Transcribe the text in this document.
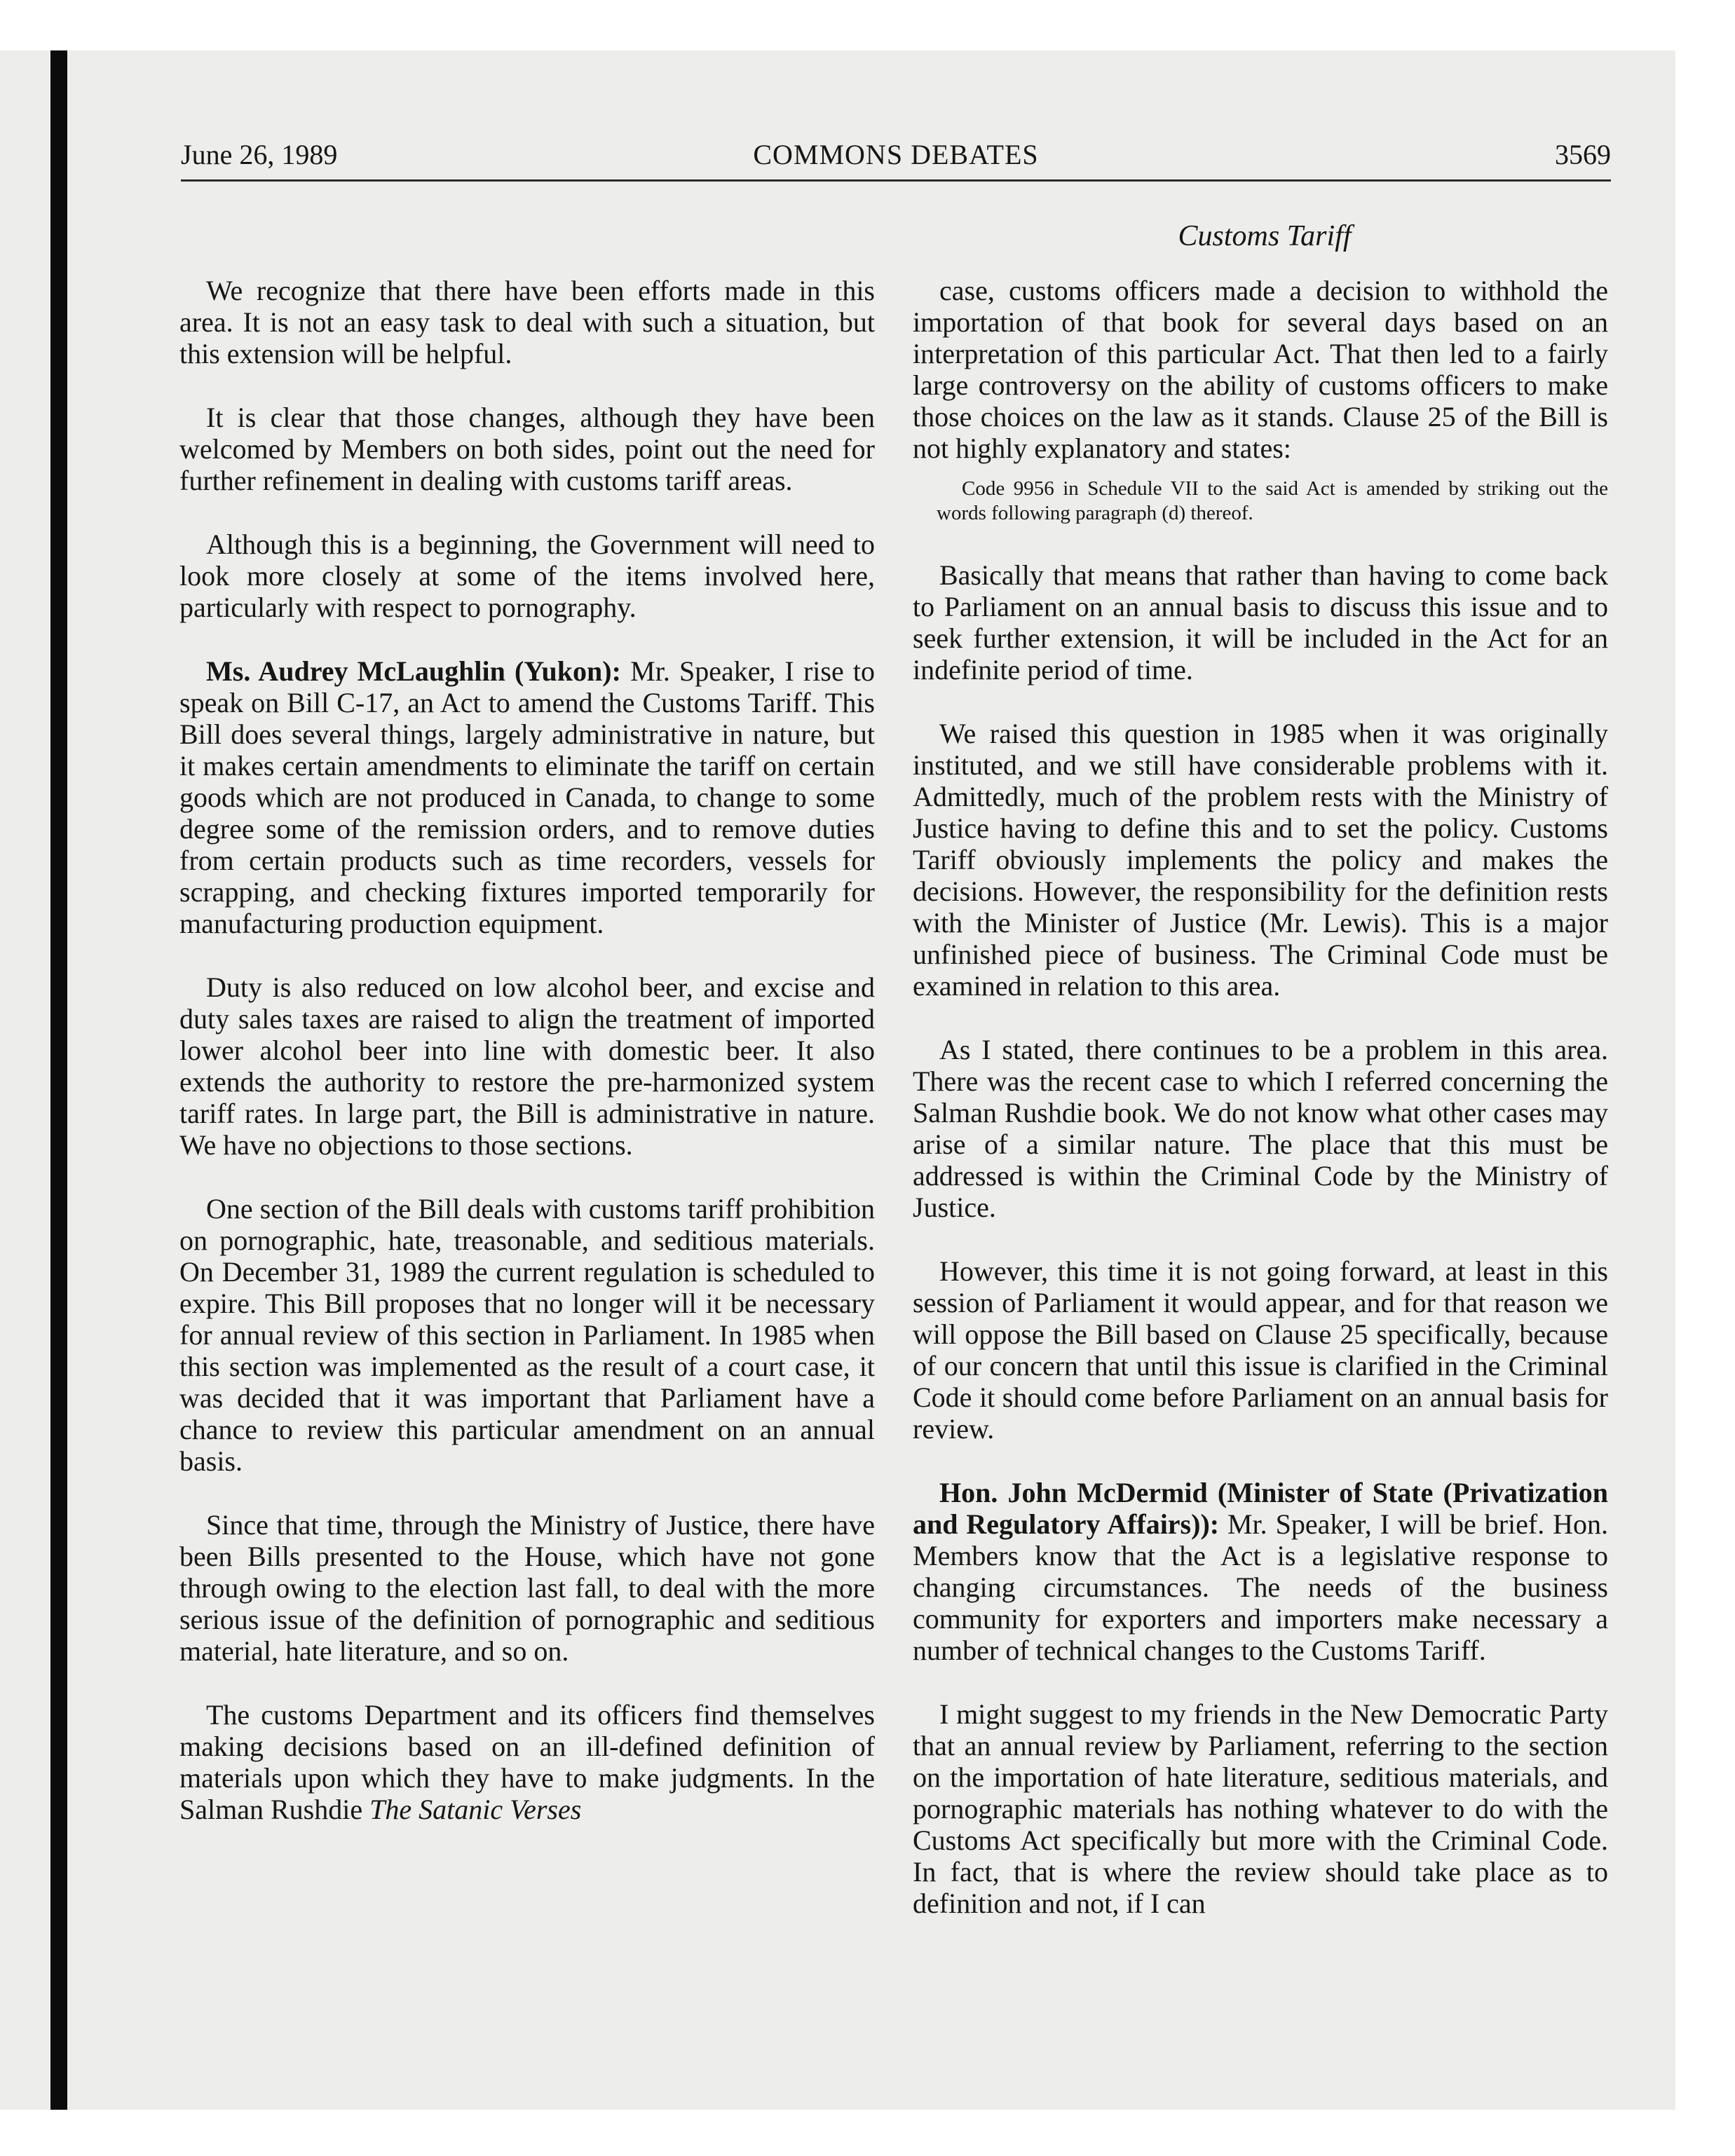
June 26, 1989	COMMONS DEBATES	3569
Customs Tariff

We recognize that there have been efforts made in this area. It is not an easy task to deal with such a situation, but this extension will be helpful.

It is clear that those changes, although they have been welcomed by Members on both sides, point out the need for further refinement in dealing with customs tariff areas.

Although this is a beginning, the Government will need to look more closely at some of the items involved here, particularly with respect to pornography.

Ms. Audrey McLaughlin (Yukon): Mr. Speaker, I rise to speak on Bill C-17, an Act to amend the Customs Tariff. This Bill does several things, largely administrative in nature, but it makes certain amendments to eliminate the tariff on certain goods which are not produced in Canada, to change to some degree some of the remission orders, and to remove duties from certain products such as time recorders, vessels for scrapping, and checking fixtures imported temporarily for manufacturing production equipment.

Duty is also reduced on low alcohol beer, and excise and duty sales taxes are raised to align the treatment of imported lower alcohol beer into line with domestic beer. It also extends the authority to restore the pre-harmonized system tariff rates. In large part, the Bill is administrative in nature. We have no objections to those sections.

One section of the Bill deals with customs tariff prohibition on pornographic, hate, treasonable, and seditious materials. On December 31, 1989 the current regulation is scheduled to expire. This Bill proposes that no longer will it be necessary for annual review of this section in Parliament. In 1985 when this section was implemented as the result of a court case, it was decided that it was important that Parliament have a chance to review this particular amendment on an annual basis.

Since that time, through the Ministry of Justice, there have been Bills presented to the House, which have not gone through owing to the election last fall, to deal with the more serious issue of the definition of pornographic and seditious material, hate literature, and so on.

The customs Department and its officers find themselves making decisions based on an ill-defined definition of materials upon which they have to make judgments. In the Salman Rushdie The Satanic Verses

case, customs officers made a decision to withhold the importation of that book for several days based on an interpretation of this particular Act. That then led to a fairly large controversy on the ability of customs officers to make those choices on the law as it stands. Clause 25 of the Bill is not highly explanatory and states:

Code 9956 in Schedule VII to the said Act is amended by striking out the words following paragraph (d) thereof.

Basically that means that rather than having to come back to Parliament on an annual basis to discuss this issue and to seek further extension, it will be included in the Act for an indefinite period of time.

We raised this question in 1985 when it was originally instituted, and we still have considerable problems with it. Admittedly, much of the problem rests with the Ministry of Justice having to define this and to set the policy. Customs Tariff obviously implements the policy and makes the decisions. However, the responsibility for the definition rests with the Minister of Justice (Mr. Lewis). This is a major unfinished piece of business. The Criminal Code must be examined in relation to this area.

As I stated, there continues to be a problem in this area. There was the recent case to which I referred concerning the Salman Rushdie book. We do not know what other cases may arise of a similar nature. The place that this must be addressed is within the Criminal Code by the Ministry of Justice.

However, this time it is not going forward, at least in this session of Parliament it would appear, and for that reason we will oppose the Bill based on Clause 25 specifically, because of our concern that until this issue is clarified in the Criminal Code it should come before Parliament on an annual basis for review.

Hon. John McDermid (Minister of State (Privatization and Regulatory Affairs)): Mr. Speaker, I will be brief. Hon. Members know that the Act is a legislative response to changing circumstances. The needs of the business community for exporters and importers make necessary a number of technical changes to the Customs Tariff.

I might suggest to my friends in the New Democratic Party that an annual review by Parliament, referring to the section on the importation of hate literature, seditious materials, and pornographic materials has nothing whatever to do with the Customs Act specifically but more with the Criminal Code. In fact, that is where the review should take place as to definition and not, if I can
